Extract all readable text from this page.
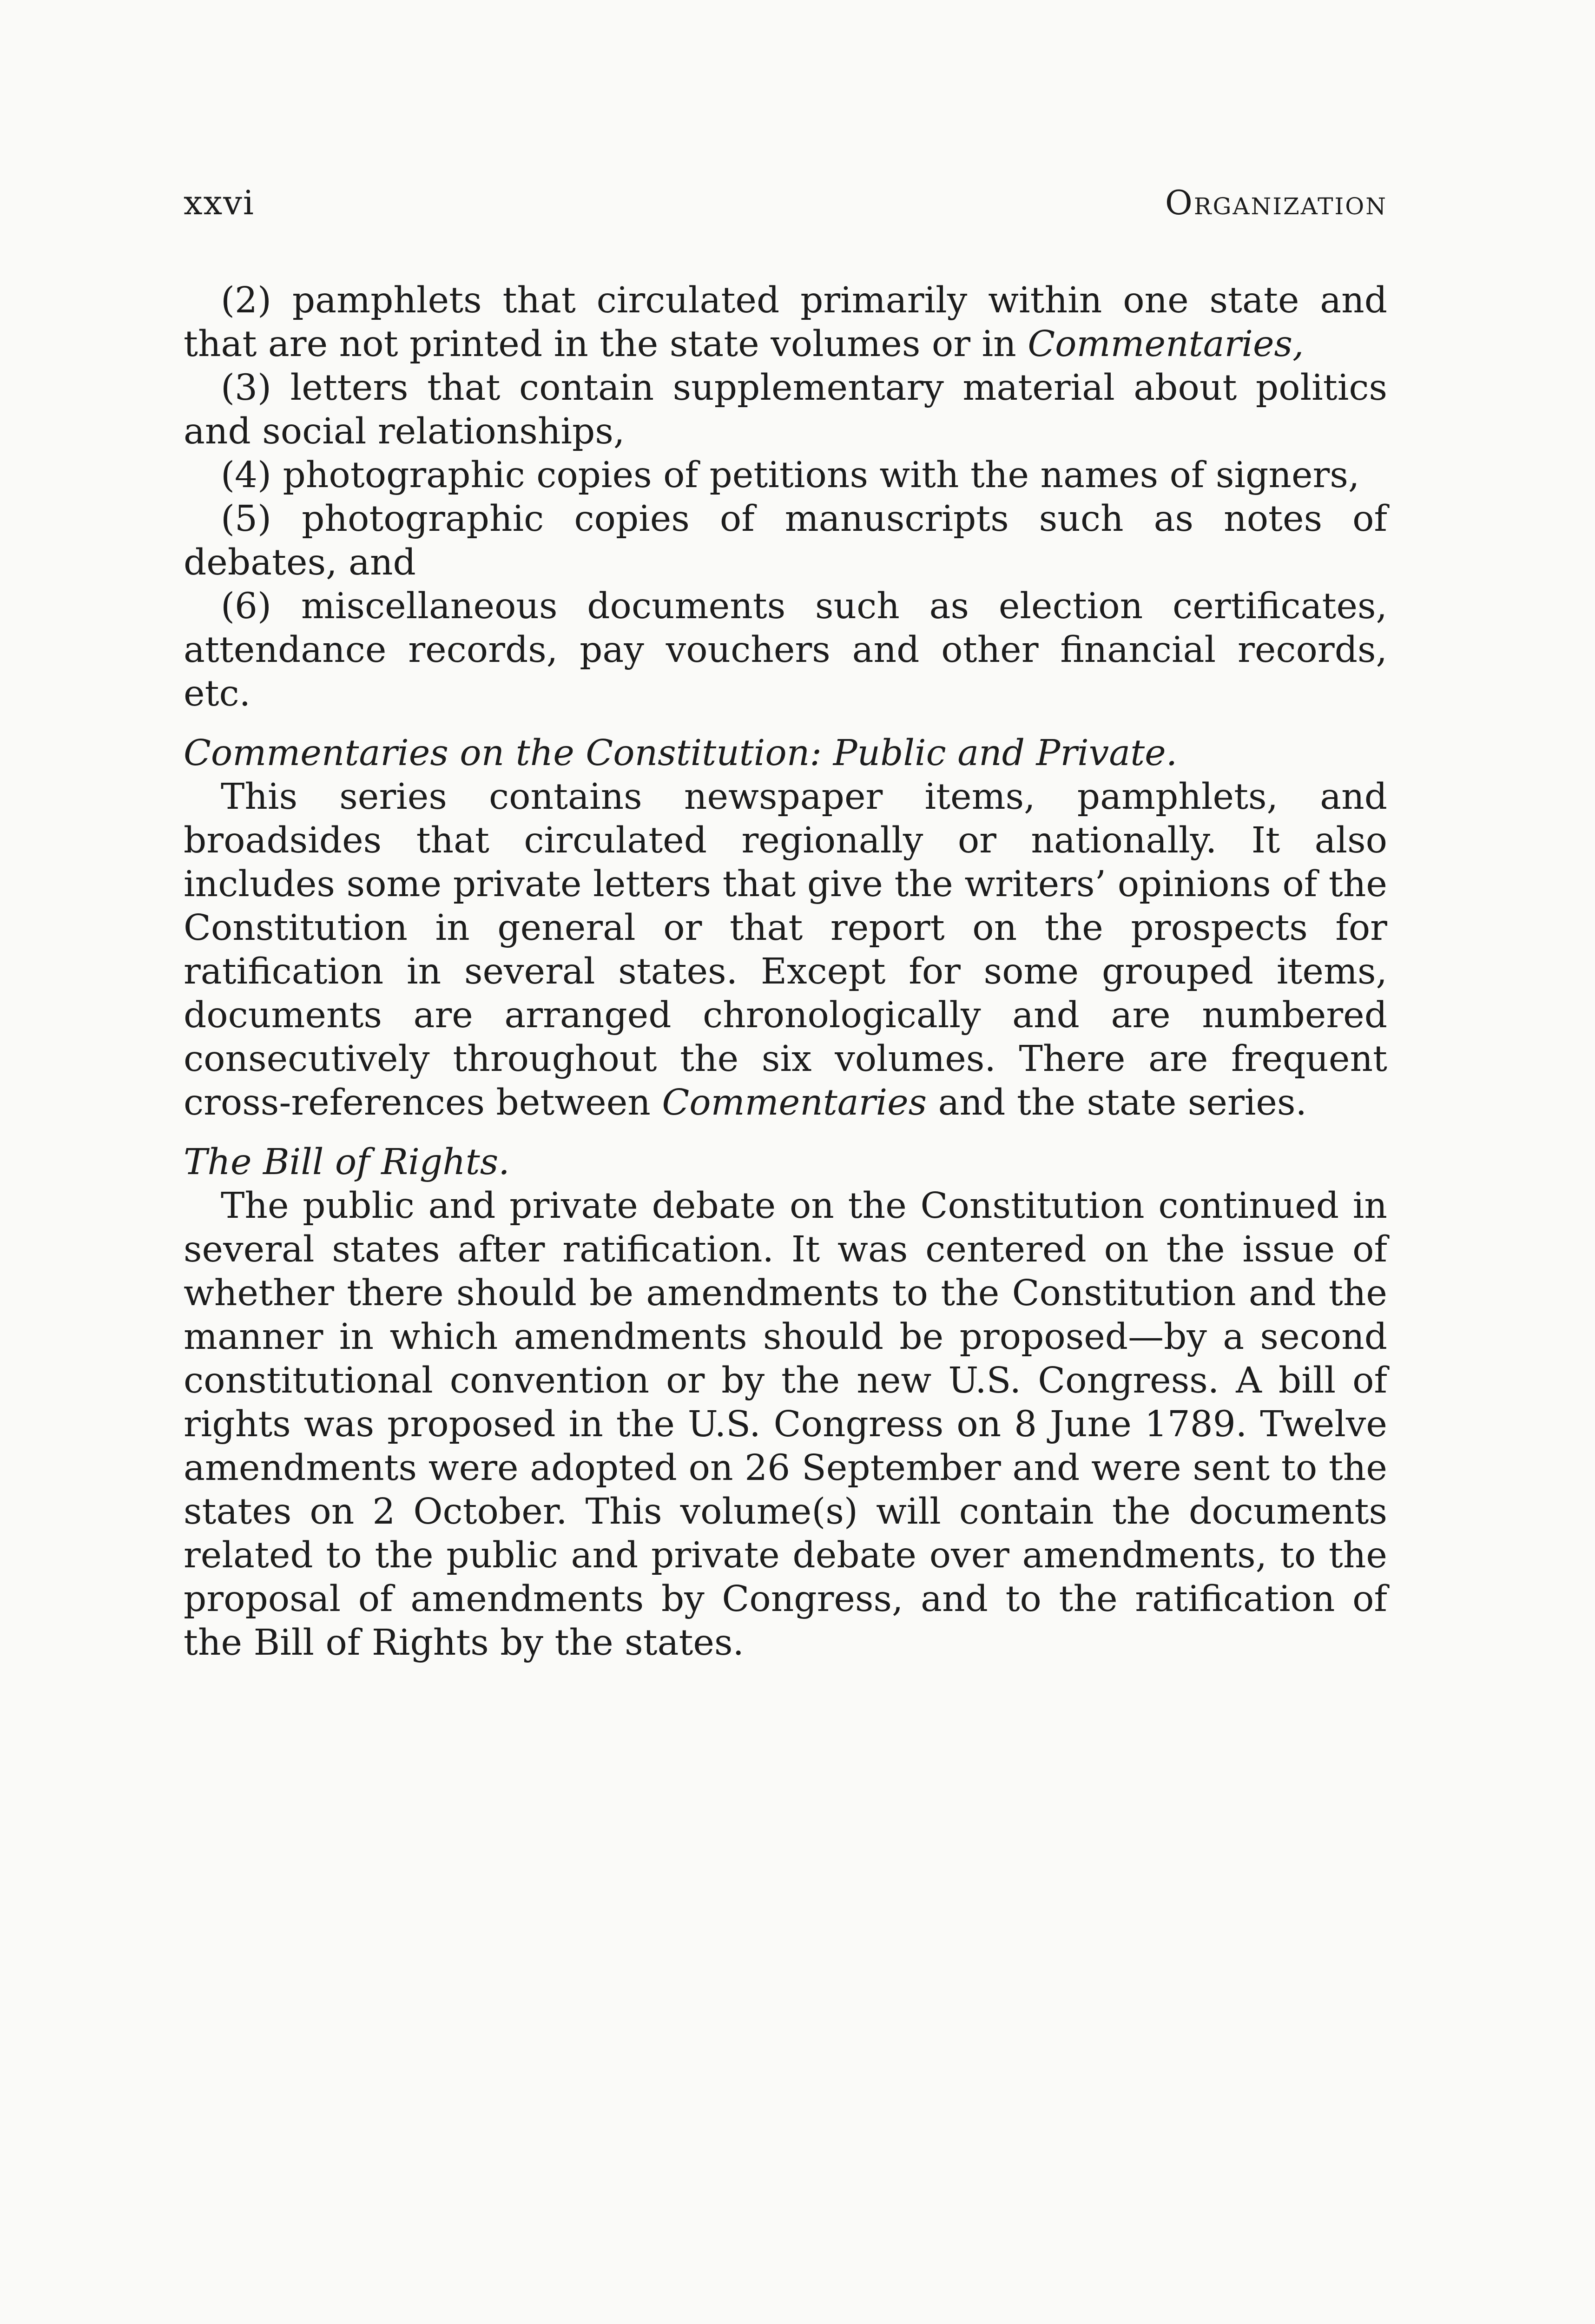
xxvi	Organization

(2) pamphlets that circulated primarily within one state and that are not printed in the state volumes or in Commentaries,

(3) letters that contain supplementary material about politics and social relationships,

(4) photographic copies of petitions with the names of signers,

(5) photographic copies of manuscripts such as notes of debates, and

(6) miscellaneous documents such as election certificates, attendance records, pay vouchers and other financial records, etc.

Commentaries on the Constitution: Public and Private.

This series contains newspaper items, pamphlets, and broadsides that circulated regionally or nationally. It also includes some private letters that give the writers’ opinions of the Constitution in general or that report on the prospects for ratification in several states. Except for some grouped items, documents are arranged chronologically and are numbered consecutively throughout the six volumes. There are frequent cross-references between Commentaries and the state series.

The Bill of Rights.

The public and private debate on the Constitution continued in several states after ratification. It was centered on the issue of whether there should be amendments to the Constitution and the manner in which amendments should be proposed—by a second constitutional convention or by the new U.S. Congress. A bill of rights was proposed in the U.S. Congress on 8 June 1789. Twelve amendments were adopted on 26 September and were sent to the states on 2 October. This volume(s) will contain the documents related to the public and private debate over amendments, to the proposal of amendments by Congress, and to the ratification of the Bill of Rights by the states.
